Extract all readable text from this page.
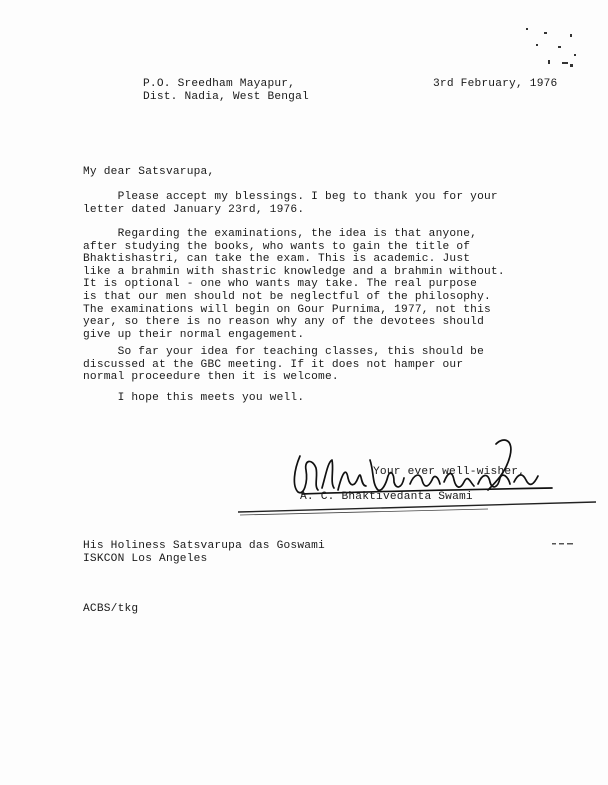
P.O. Sreedham Mayapur,
Dist. Nadia, West Bengal
3rd February, 1976
My dear Satsvarupa,
Please accept my blessings. I beg to thank you for your
letter dated January 23rd, 1976.
Regarding the examinations, the idea is that anyone,
after studying the books, who wants to gain the title of
Bhaktishastri, can take the exam. This is academic. Just
like a brahmin with shastric knowledge and a brahmin without.
It is optional - one who wants may take. The real purpose
is that our men should not be neglectful of the philosophy.
The examinations will begin on Gour Purnima, 1977, not this
year, so there is no reason why any of the devotees should
give up their normal engagement.
So far your idea for teaching classes, this should be
discussed at the GBC meeting. If it does not hamper our
normal proceedure then it is welcome.
I hope this meets you well.
Your ever well-wisher,
A. C. Bhaktivedanta Swami
His Holiness Satsvarupa das Goswami
ISKCON Los Angeles
ACBS/tkg
